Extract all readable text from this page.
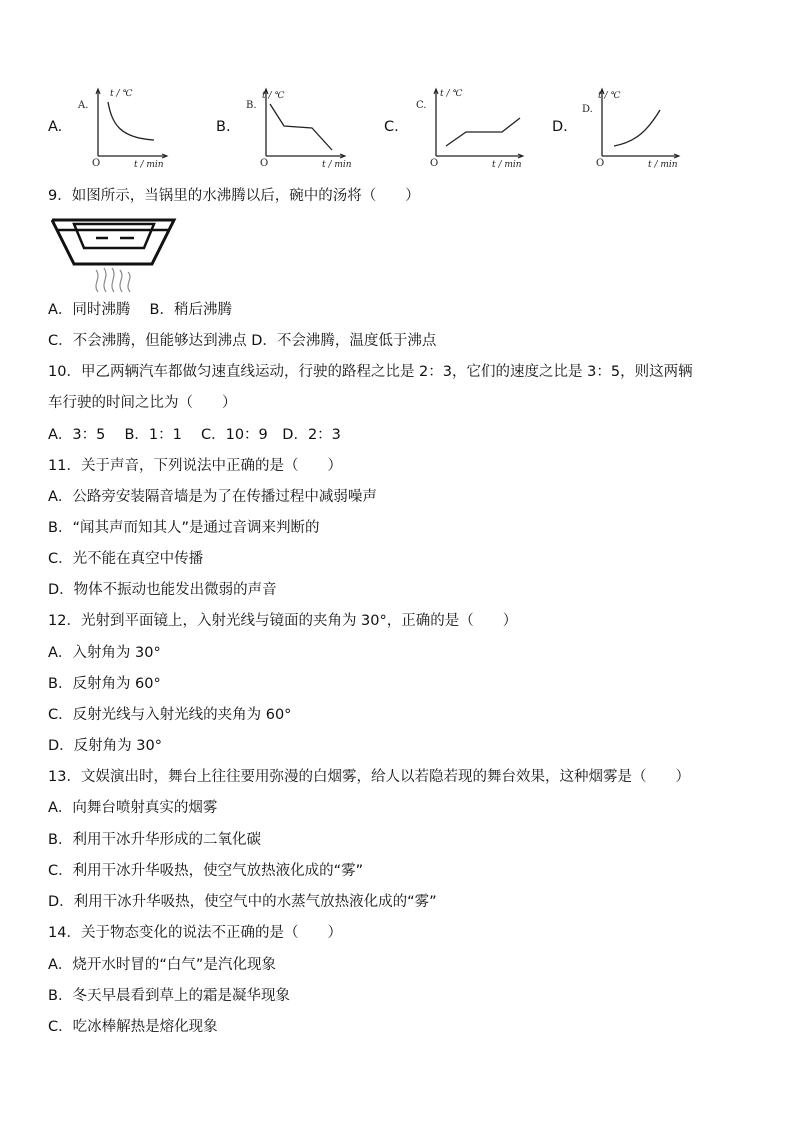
A.
A.
t / ℃
t / min
O
B.
B.
t / ℃
t / min
O
C.
C.
t / ℃
t / min
O
D.
D.
t / ℃
t / min
O
9．如图所示，当锅里的水沸腾以后，碗中的汤将（　　）
A．同时沸腾　 B．稍后沸腾
C．不会沸腾，但能够达到沸点 D．不会沸腾，温度低于沸点
10．甲乙两辆汽车都做匀速直线运动，行驶的路程之比是 2：3，它们的速度之比是 3：5，则这两辆
车行驶的时间之比为（　　）
A．3：5　 B．1：1　 C．10：9　D．2：3
11．关于声音，下列说法中正确的是（　　）
A．公路旁安装隔音墙是为了在传播过程中减弱噪声
B．“闻其声而知其人”是通过音调来判断的
C．光不能在真空中传播
D．物体不振动也能发出微弱的声音
12．光射到平面镜上，入射光线与镜面的夹角为 30°，正确的是（　　）
A．入射角为 30°
B．反射角为 60°
C．反射光线与入射光线的夹角为 60°
D．反射角为 30°
13．文娱演出时，舞台上往往要用弥漫的白烟雾，给人以若隐若现的舞台效果，这种烟雾是（　　）
A．向舞台喷射真实的烟雾
B．利用干冰升华形成的二氧化碳
C．利用干冰升华吸热，使空气放热液化成的“雾”
D．利用干冰升华吸热，使空气中的水蒸气放热液化成的“雾”
14．关于物态变化的说法不正确的是（　　）
A．烧开水时冒的“白气”是汽化现象
B．冬天早晨看到草上的霜是凝华现象
C．吃冰棒解热是熔化现象
